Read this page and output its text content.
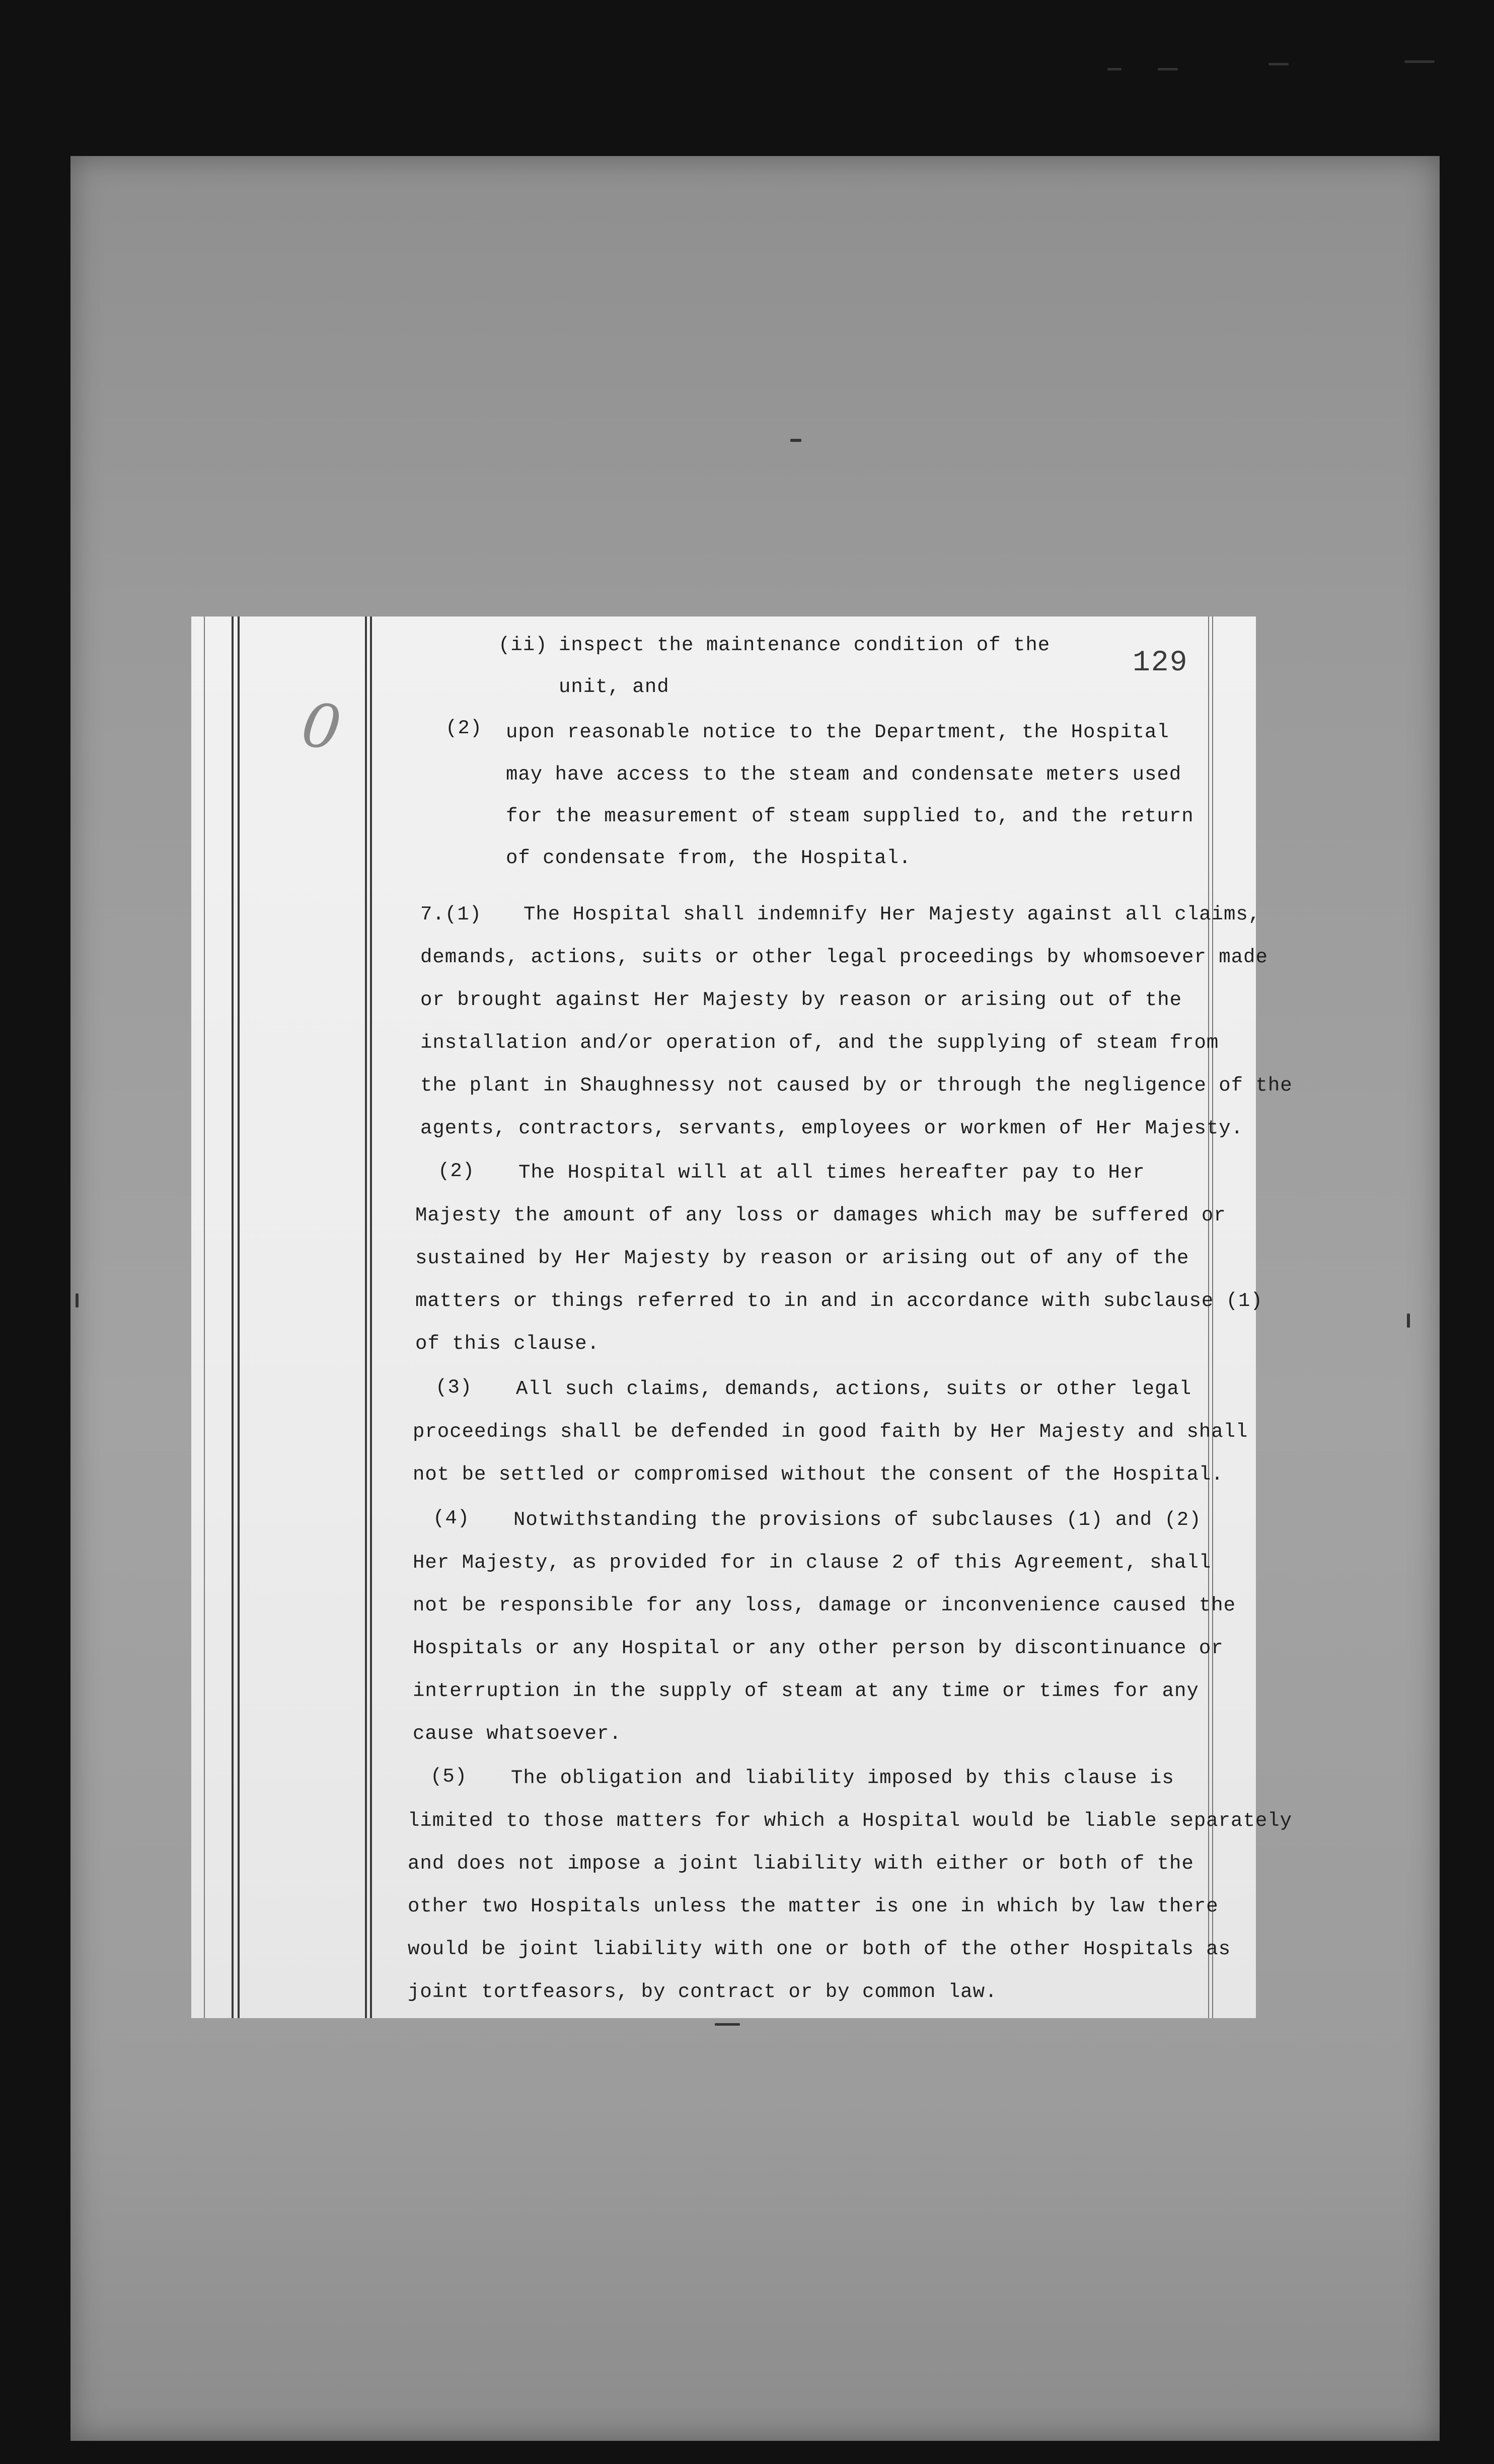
129
0
(ii) inspect the maintenance condition of the
unit, and
(2) upon reasonable notice to the Department, the Hospital
may have access to the steam and condensate meters used
for the measurement of steam supplied to, and the return
of condensate from, the Hospital.
7.(1) The Hospital shall indemnify Her Majesty against all claims,
demands, actions, suits or other legal proceedings by whomsoever made
or brought against Her Majesty by reason or arising out of the
installation and/or operation of, and the supplying of steam from
the plant in Shaughnessy not caused by or through the negligence of the
agents, contractors, servants, employees or workmen of Her Majesty.
(2) The Hospital will at all times hereafter pay to Her
Majesty the amount of any loss or damages which may be suffered or
sustained by Her Majesty by reason or arising out of any of the
matters or things referred to in and in accordance with subclause (1)
of this clause.
(3) All such claims, demands, actions, suits or other legal
proceedings shall be defended in good faith by Her Majesty and shall
not be settled or compromised without the consent of the Hospital.
(4) Notwithstanding the provisions of subclauses (1) and (2)
Her Majesty, as provided for in clause 2 of this Agreement, shall
not be responsible for any loss, damage or inconvenience caused the
Hospitals or any Hospital or any other person by discontinuance or
interruption in the supply of steam at any time or times for any
cause whatsoever.
(5) The obligation and liability imposed by this clause is
limited to those matters for which a Hospital would be liable separately
and does not impose a joint liability with either or both of the
other two Hospitals unless the matter is one in which by law there
would be joint liability with one or both of the other Hospitals as
joint tortfeasors, by contract or by common law.
